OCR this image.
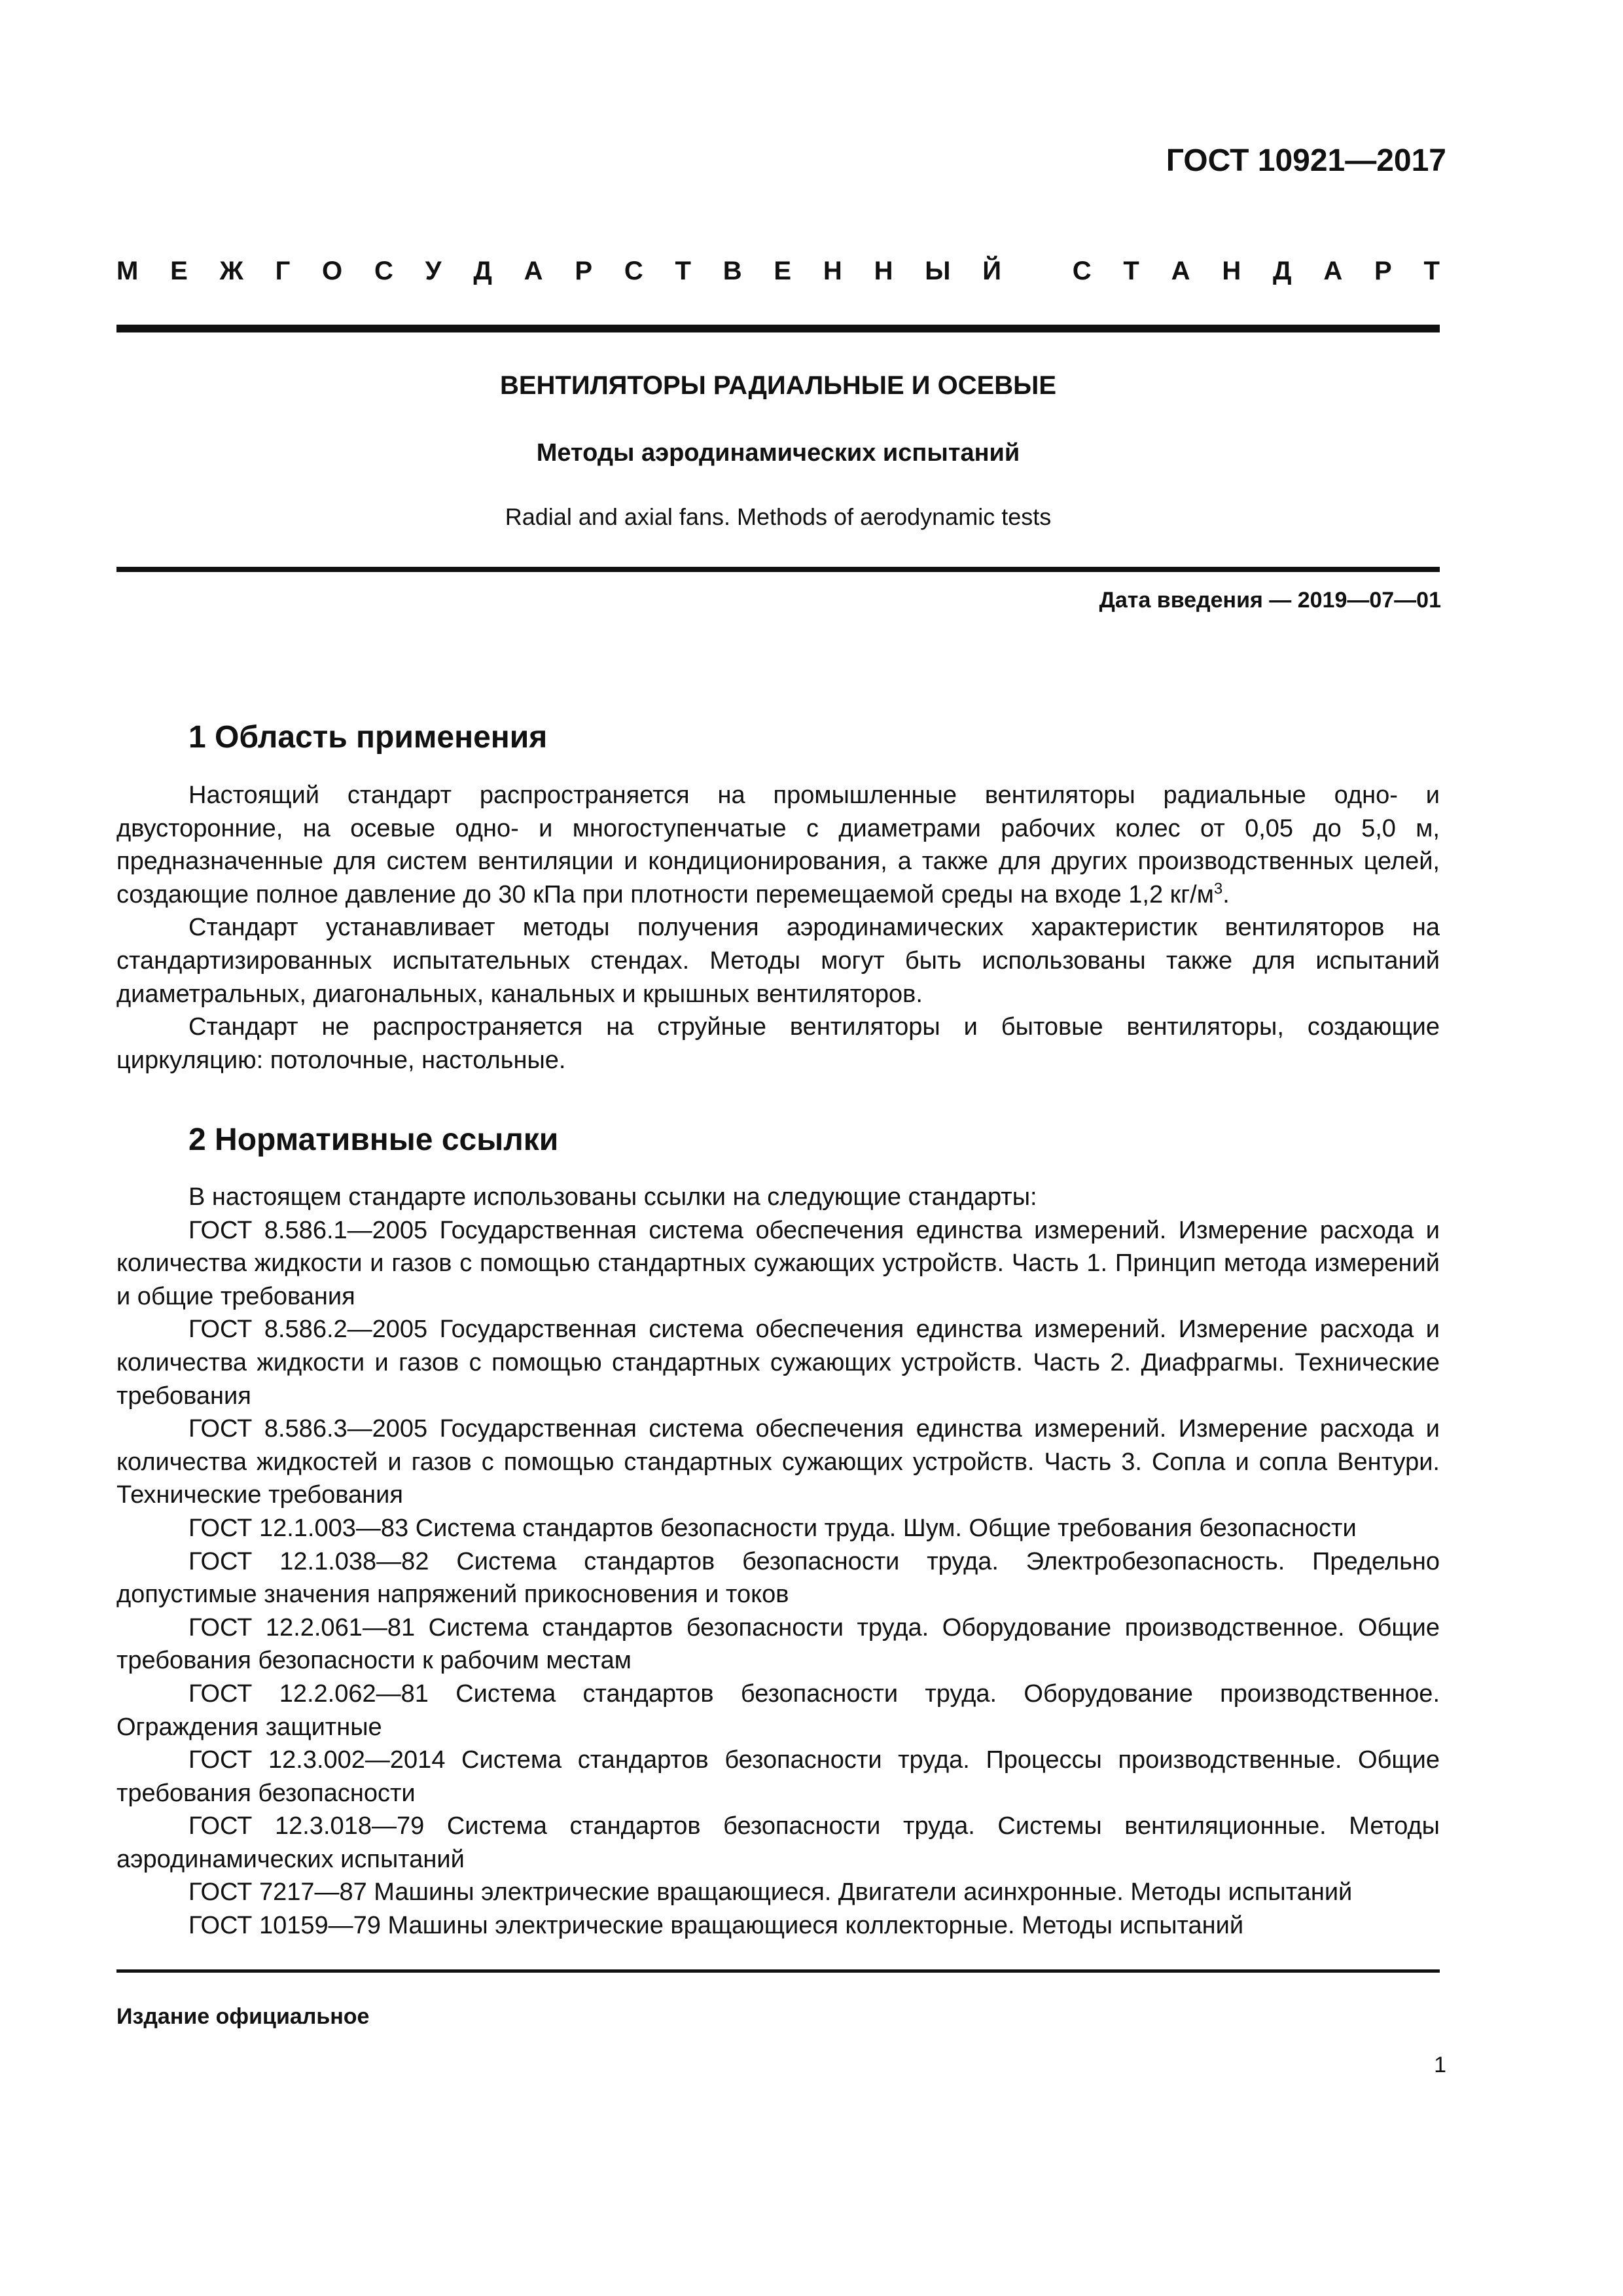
ГОСТ 10921—2017
М Е Ж Г О С У Д А Р С Т В Е Н Н Ы Й
	С Т А Н Д А Р Т
ВЕНТИЛЯТОРЫ РАДИАЛЬНЫЕ И ОСЕВЫЕ
Методы аэродинамических испытаний
Radial and axial fans. Methods of aerodynamic tests
Дата введения — 2019—07—01
1 Область применения

Настоящий стандарт распространяется на промышленные вентиляторы радиальные одно- и двусторонние, на осевые одно- и многоступенчатые с диаметрами рабочих колес от 0,05 до 5,0 м, предназначенные для систем вентиляции и кондиционирования, а также для других производственных целей, создающие полное давление до 30 кПа при плотности перемещаемой среды на входе 1,2 $кг/м^3$.

Стандарт устанавливает методы получения аэродинамических характеристик вентиляторов на стандартизированных испытательных стендах. Методы могут быть использованы также для испытаний диаметральных, диагональных, канальных и крышных вентиляторов.

Стандарт не распространяется на струйные вентиляторы и бытовые вентиляторы, создающие циркуляцию: потолочные, настольные.

2 Нормативные ссылки

В настоящем стандарте использованы ссылки на следующие стандарты:

ГОСТ 8.586.1—2005 Государственная система обеспечения единства измерений. Измерение расхода и количества жидкости и газов с помощью стандартных сужающих устройств. Часть 1. Принцип метода измерений и общие требования

ГОСТ 8.586.2—2005 Государственная система обеспечения единства измерений. Измерение расхода и количества жидкости и газов с помощью стандартных сужающих устройств. Часть 2. Диафрагмы. Технические требования

ГОСТ 8.586.3—2005 Государственная система обеспечения единства измерений. Измерение расхода и количества жидкостей и газов с помощью стандартных сужающих устройств. Часть 3. Сопла и сопла Вентури. Технические требования

ГОСТ 12.1.003—83 Система стандартов безопасности труда. Шум. Общие требования безопасности

ГОСТ 12.1.038—82 Система стандартов безопасности труда. Электробезопасность. Предельно допустимые значения напряжений прикосновения и токов

ГОСТ 12.2.061—81 Система стандартов безопасности труда. Оборудование производственное. Общие требования безопасности к рабочим местам

ГОСТ 12.2.062—81 Система стандартов безопасности труда. Оборудование производственное. Ограждения защитные

ГОСТ 12.3.002—2014 Система стандартов безопасности труда. Процессы производственные. Общие требования безопасности

ГОСТ 12.3.018—79 Система стандартов безопасности труда. Системы вентиляционные. Методы аэродинамических испытаний

ГОСТ 7217—87 Машины электрические вращающиеся. Двигатели асинхронные. Методы испытаний

ГОСТ 10159—79 Машины электрические вращающиеся коллекторные. Методы испытаний

Издание официальное
1
